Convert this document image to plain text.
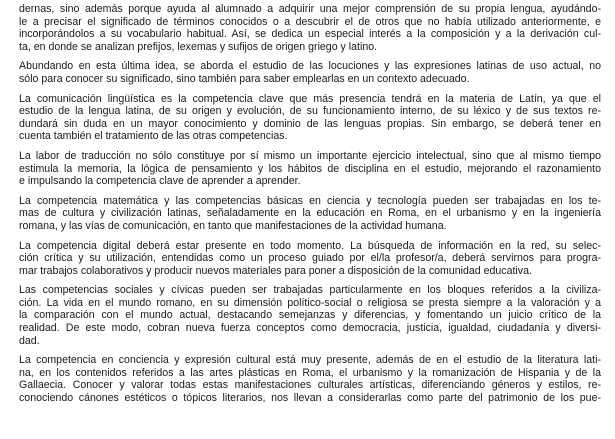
dernas, sino además porque ayuda al alumnado a adquirir una mejor comprensión de su propia lengua, ayudándo-
le a precisar el significado de términos conocidos o a descubrir el de otros que no había utilizado anteriormente, e
incorporándolos a su vocabulario habitual. Así, se dedica un especial interés a la composición y a la derivación cul-
ta, en donde se analizan prefijos, lexemas y sufijos de origen griego y latino.
Abundando en esta última idea, se aborda el estudio de las locuciones y las expresiones latinas de uso actual, no
sólo para conocer su significado, sino también para saber emplearlas en un contexto adecuado.
La comunicación lingüística es la competencia clave que más presencia tendrá en la materia de Latín, ya que el
estudio de la lengua latina, de su origen y evolución, de su funcionamiento interno, de su léxico y de sus textos re-
dundará sin duda en un mayor conocimiento y dominio de las lenguas propias. Sin embargo, se deberá tener en
cuenta también el tratamiento de las otras competencias.
La labor de traducción no sólo constituye por sí mismo un importante ejercicio intelectual, sino que al mismo tiempo
estimula la memoria, la lógica de pensamiento y los hábitos de disciplina en el estudio, mejorando el razonamiento
e impulsando la competencia clave de aprender a aprender.
La competencia matemática y las competencias básicas en ciencia y tecnología pueden ser trabajadas en los te-
mas de cultura y civilización latinas, señaladamente en la educación en Roma, en el urbanismo y en la ingeniería
romana, y las vías de comunicación, en tanto que manifestaciones de la actividad humana.
La competencia digital deberá estar presente en todo momento. La búsqueda de información en la red, su selec-
ción crítica y su utilización, entendidas como un proceso guiado por el/la profesor/a, deberá servirnos para progra-
mar trabajos colaborativos y producir nuevos materiales para poner a disposición de la comunidad educativa.
Las competencias sociales y cívicas pueden ser trabajadas particularmente en los bloques referidos a la civiliza-
ción. La vida en el mundo romano, en su dimensión político-social o religiosa se presta siempre a la valoración y a
la comparación con el mundo actual, destacando semejanzas y diferencias, y fomentando un juicio crítico de la
realidad. De este modo, cobran nueva fuerza conceptos como democracia, justicia, igualdad, ciudadanía y diversi-
dad.
La competencia en conciencia y expresión cultural está muy presente, además de en el estudio de la literatura lati-
na, en los contenidos referidos a las artes plásticas en Roma, el urbanismo y la romanización de Hispania y de la
Gallaecia. Conocer y valorar todas estas manifestaciones culturales artísticas, diferenciando géneros y estilos, re-
conociendo cánones estéticos o tópicos literarios, nos llevan a considerarlas como parte del patrimonio de los pue-
